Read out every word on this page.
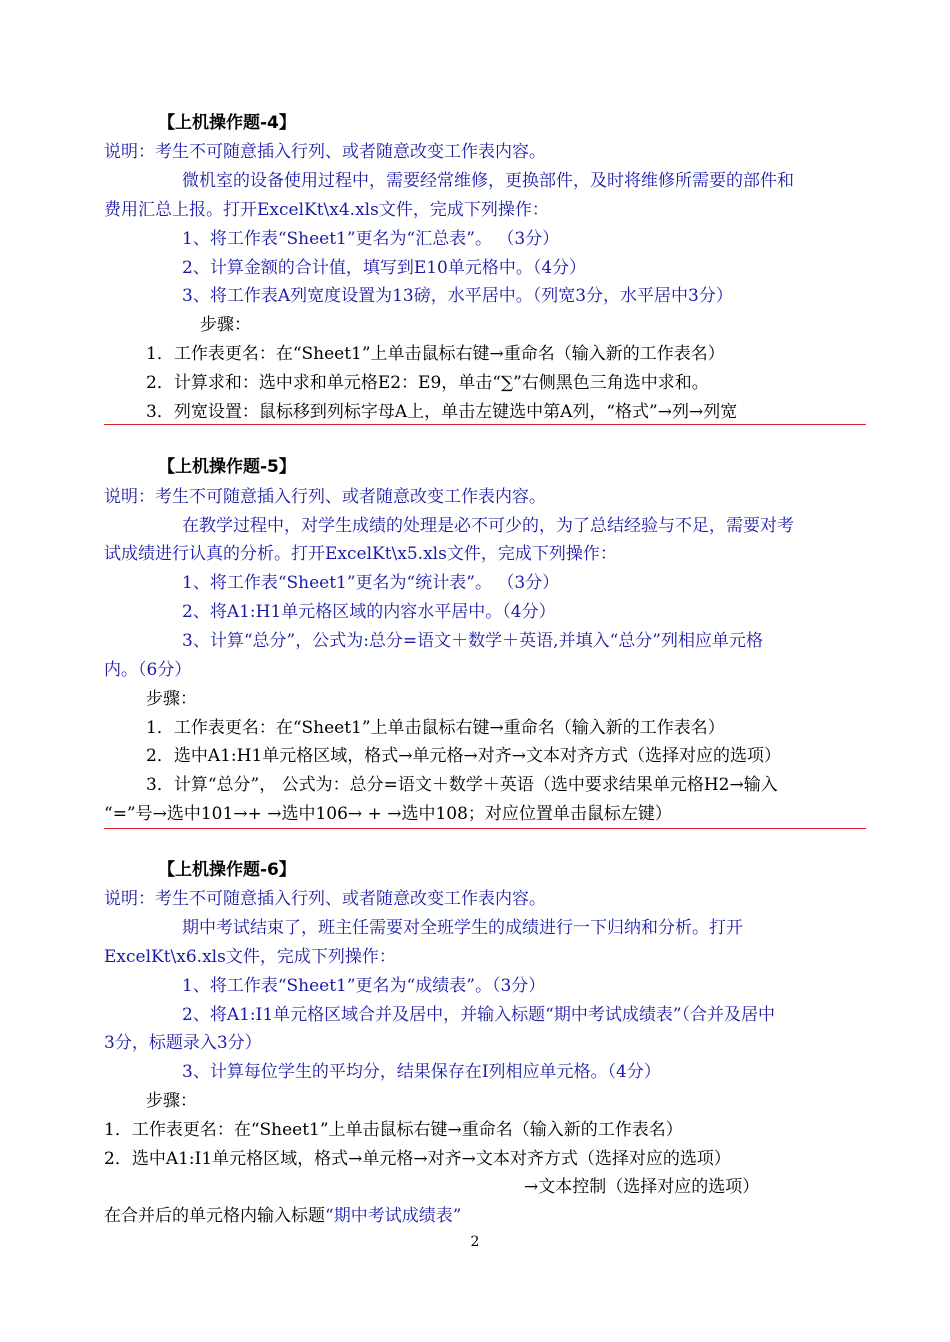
【上机操作题-4】
说明：考生不可随意插入行列、或者随意改变工作表内容。
微机室的设备使用过程中，需要经常维修，更换部件，及时将维修所需要的部件和
费用汇总上报。打开ExcelKt\x4.xls文件，完成下列操作：
1、将工作表“Sheet1”更名为“汇总表”。 （3分）
2、计算金额的合计值，填写到E10单元格中。（4分）
3、将工作表A列宽度设置为13磅，水平居中。（列宽3分，水平居中3分）
步骤：
1．工作表更名：在“Sheet1”上单击鼠标右键→重命名（输入新的工作表名）
2．计算求和：选中求和单元格E2：E9，单击“∑”右侧黑色三角选中求和。
3．列宽设置：鼠标移到列标字母A上，单击左键选中第A列，“格式”→列→列宽
【上机操作题-5】
说明：考生不可随意插入行列、或者随意改变工作表内容。
在教学过程中，对学生成绩的处理是必不可少的，为了总结经验与不足，需要对考
试成绩进行认真的分析。打开ExcelKt\x5.xls文件，完成下列操作：
1、将工作表“Sheet1”更名为“统计表”。 （3分）
2、将A1:H1单元格区域的内容水平居中。（4分）
3、计算“总分”，公式为:总分=语文＋数学＋英语,并填入“总分”列相应单元格
内。（6分）
步骤：
1．工作表更名：在“Sheet1”上单击鼠标右键→重命名（输入新的工作表名）
2．选中A1:H1单元格区域，格式→单元格→对齐→文本对齐方式（选择对应的选项）
3．计算“总分”， 公式为：总分=语文＋数学＋英语（选中要求结果单元格H2→输入
“=”号→选中101→+ →选中106→ + →选中108；对应位置单击鼠标左键）
【上机操作题-6】
说明：考生不可随意插入行列、或者随意改变工作表内容。
期中考试结束了，班主任需要对全班学生的成绩进行一下归纳和分析。打开
ExcelKt\x6.xls文件，完成下列操作：
1、将工作表“Sheet1”更名为“成绩表”。（3分）
2、将A1:I1单元格区域合并及居中，并输入标题“期中考试成绩表”（合并及居中
3分，标题录入3分）
3、计算每位学生的平均分，结果保存在I列相应单元格。（4分）
步骤：
1．工作表更名：在“Sheet1”上单击鼠标右键→重命名（输入新的工作表名）
2．选中A1:I1单元格区域，格式→单元格→对齐→文本对齐方式（选择对应的选项）
→文本控制（选择对应的选项）
在合并后的单元格内输入标题“期中考试成绩表”
2
